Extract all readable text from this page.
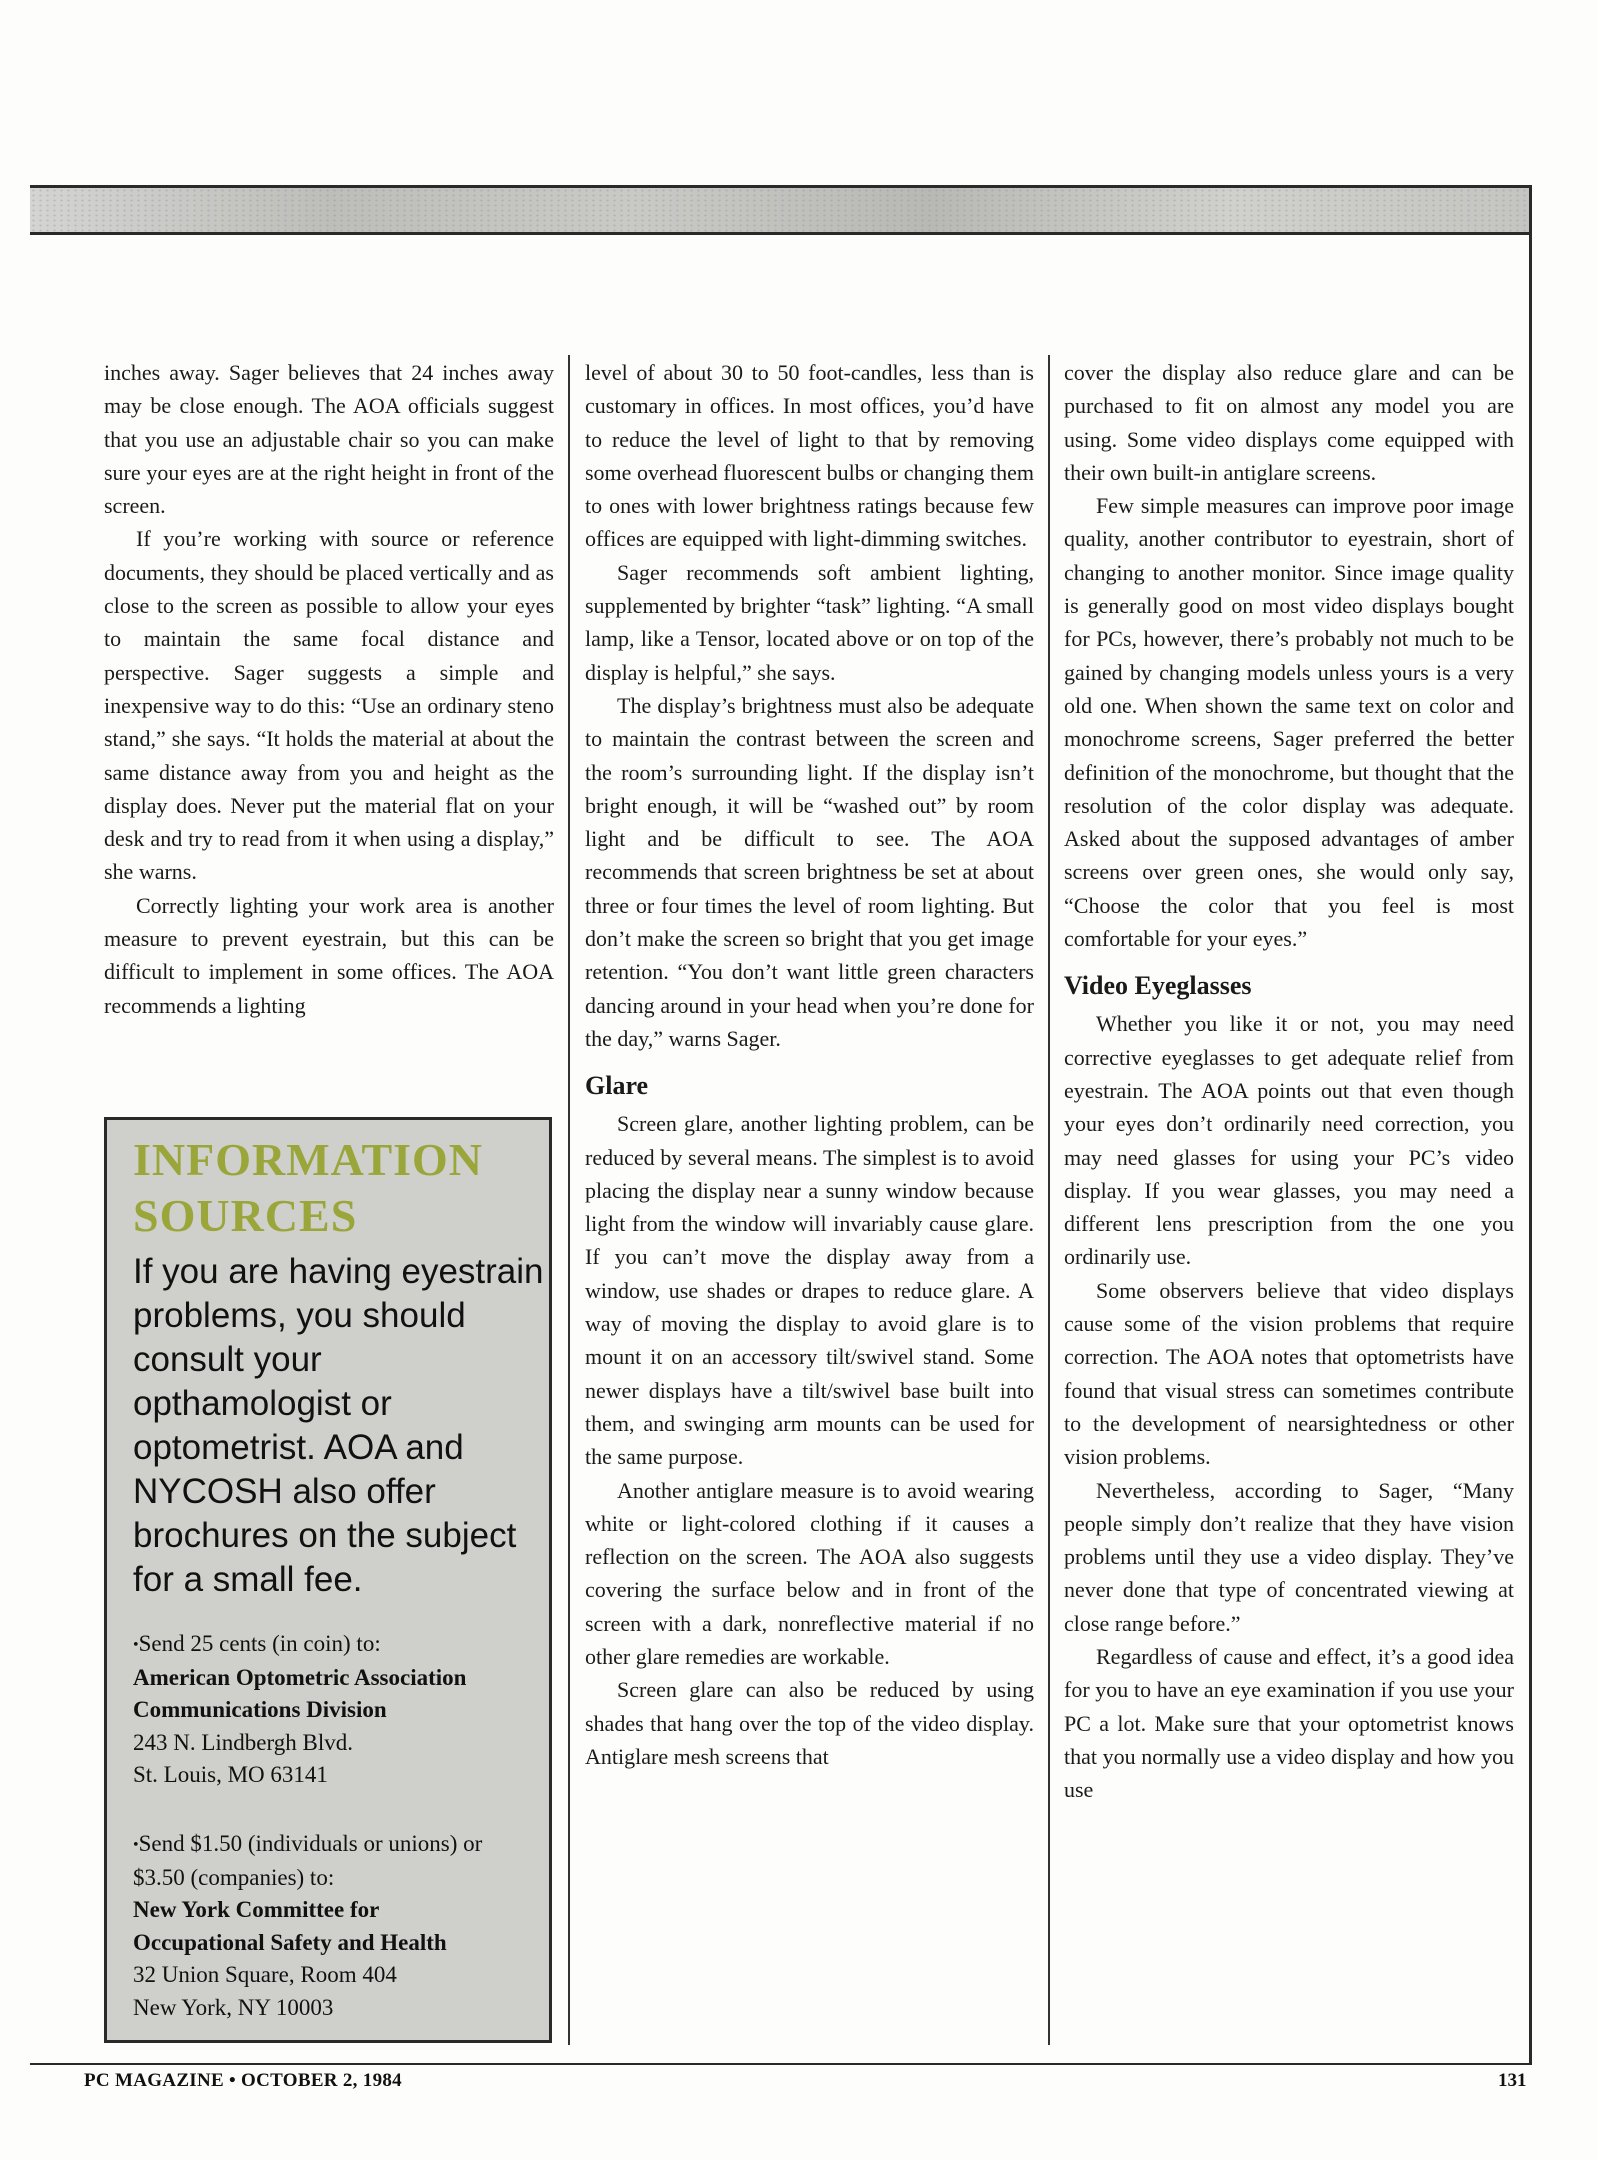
inches away. Sager believes that 24 inches away may be close enough. The AOA officials suggest that you use an adjustable chair so you can make sure your eyes are at the right height in front of the screen.

If you’re working with source or reference documents, they should be placed vertically and as close to the screen as possible to allow your eyes to maintain the same focal distance and perspective. Sager suggests a simple and inexpensive way to do this: “Use an ordinary steno stand,” she says. “It holds the material at about the same distance away from you and height as the display does. Never put the material flat on your desk and try to read from it when using a display,” she warns.

Correctly lighting your work area is another measure to prevent eyestrain, but this can be difficult to implement in some offices. The AOA recommends a lighting

INFORMATION
SOURCES
If you are having eyestrain problems, you should consult your opthamologist or optometrist. AOA and NYCOSH also offer brochures on the subject for a small fee.
•Send 25 cents (in coin) to:
American Optometric Association
Communications Division
243 N. Lindbergh Blvd.
St. Louis, MO 63141
•Send $1.50 (individuals or unions) or $3.50 (companies) to:
New York Committee for
Occupational Safety and Health
32 Union Square, Room 404
New York, NY 10003

level of about 30 to 50 foot-candles, less than is customary in offices. In most offices, you’d have to reduce the level of light to that by removing some overhead fluorescent bulbs or changing them to ones with lower brightness ratings because few offices are equipped with light-dimming switches.

Sager recommends soft ambient lighting, supplemented by brighter “task” lighting. “A small lamp, like a Tensor, located above or on top of the display is helpful,” she says.

The display’s brightness must also be adequate to maintain the contrast between the screen and the room’s surrounding light. If the display isn’t bright enough, it will be “washed out” by room light and be difficult to see. The AOA recommends that screen brightness be set at about three or four times the level of room lighting. But don’t make the screen so bright that you get image retention. “You don’t want little green characters dancing around in your head when you’re done for the day,” warns Sager.

Glare

Screen glare, another lighting problem, can be reduced by several means. The simplest is to avoid placing the display near a sunny window because light from the window will invariably cause glare. If you can’t move the display away from a window, use shades or drapes to reduce glare. A way of moving the display to avoid glare is to mount it on an accessory tilt/swivel stand. Some newer displays have a tilt/swivel base built into them, and swinging arm mounts can be used for the same purpose.

Another antiglare measure is to avoid wearing white or light-colored clothing if it causes a reflection on the screen. The AOA also suggests covering the surface below and in front of the screen with a dark, nonreflective material if no other glare remedies are workable.

Screen glare can also be reduced by using shades that hang over the top of the video display. Antiglare mesh screens that

cover the display also reduce glare and can be purchased to fit on almost any model you are using. Some video displays come equipped with their own built-in antiglare screens.

Few simple measures can improve poor image quality, another contributor to eyestrain, short of changing to another monitor. Since image quality is generally good on most video displays bought for PCs, however, there’s probably not much to be gained by changing models unless yours is a very old one. When shown the same text on color and monochrome screens, Sager preferred the better definition of the monochrome, but thought that the resolution of the color display was adequate. Asked about the supposed advantages of amber screens over green ones, she would only say, “Choose the color that you feel is most comfortable for your eyes.”

Video Eyeglasses

Whether you like it or not, you may need corrective eyeglasses to get adequate relief from eyestrain. The AOA points out that even though your eyes don’t ordinarily need correction, you may need glasses for using your PC’s video display. If you wear glasses, you may need a different lens prescription from the one you ordinarily use.

Some observers believe that video displays cause some of the vision problems that require correction. The AOA notes that optometrists have found that visual stress can sometimes contribute to the development of nearsightedness or other vision problems.

Nevertheless, according to Sager, “Many people simply don’t realize that they have vision problems until they use a video display. They’ve never done that type of concentrated viewing at close range before.”

Regardless of cause and effect, it’s a good idea for you to have an eye examination if you use your PC a lot. Make sure that your optometrist knows that you normally use a video display and how you use

PC MAGAZINE • OCTOBER 2, 1984	131
